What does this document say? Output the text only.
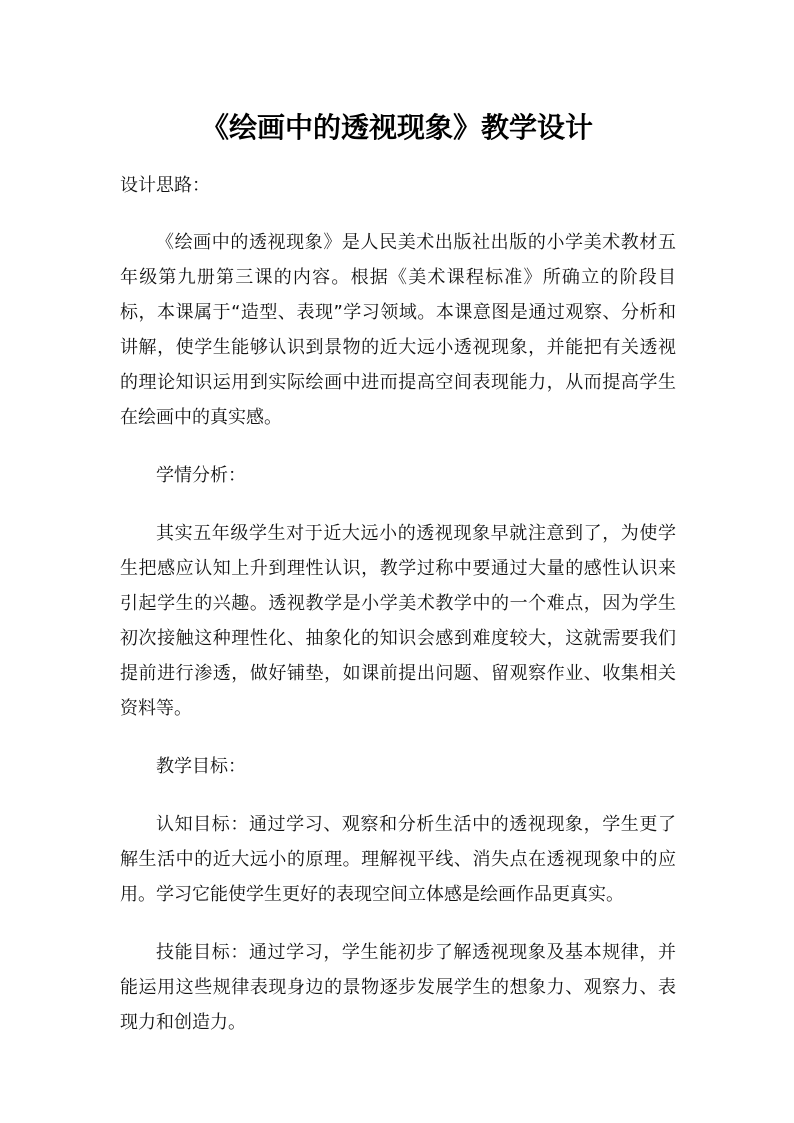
《绘画中的透视现象》教学设计
设计思路：
《绘画中的透视现象》是人民美术出版社出版的小学美术教材五年级第九册第三课的内容。根据《美术课程标准》所确立的阶段目标，本课属于“造型、表现”学习领域。本课意图是通过观察、分析和讲解，使学生能够认识到景物的近大远小透视现象，并能把有关透视的理论知识运用到实际绘画中进而提高空间表现能力，从而提高学生在绘画中的真实感。
学情分析：
其实五年级学生对于近大远小的透视现象早就注意到了，为使学生把感应认知上升到理性认识，教学过称中要通过大量的感性认识来引起学生的兴趣。透视教学是小学美术教学中的一个难点，因为学生初次接触这种理性化、抽象化的知识会感到难度较大，这就需要我们提前进行渗透，做好铺垫，如课前提出问题、留观察作业、收集相关资料等。
教学目标：
认知目标：通过学习、观察和分析生活中的透视现象，学生更了解生活中的近大远小的原理。理解视平线、消失点在透视现象中的应用。学习它能使学生更好的表现空间立体感是绘画作品更真实。
技能目标：通过学习，学生能初步了解透视现象及基本规律，并能运用这些规律表现身边的景物逐步发展学生的想象力、观察力、表现力和创造力。
